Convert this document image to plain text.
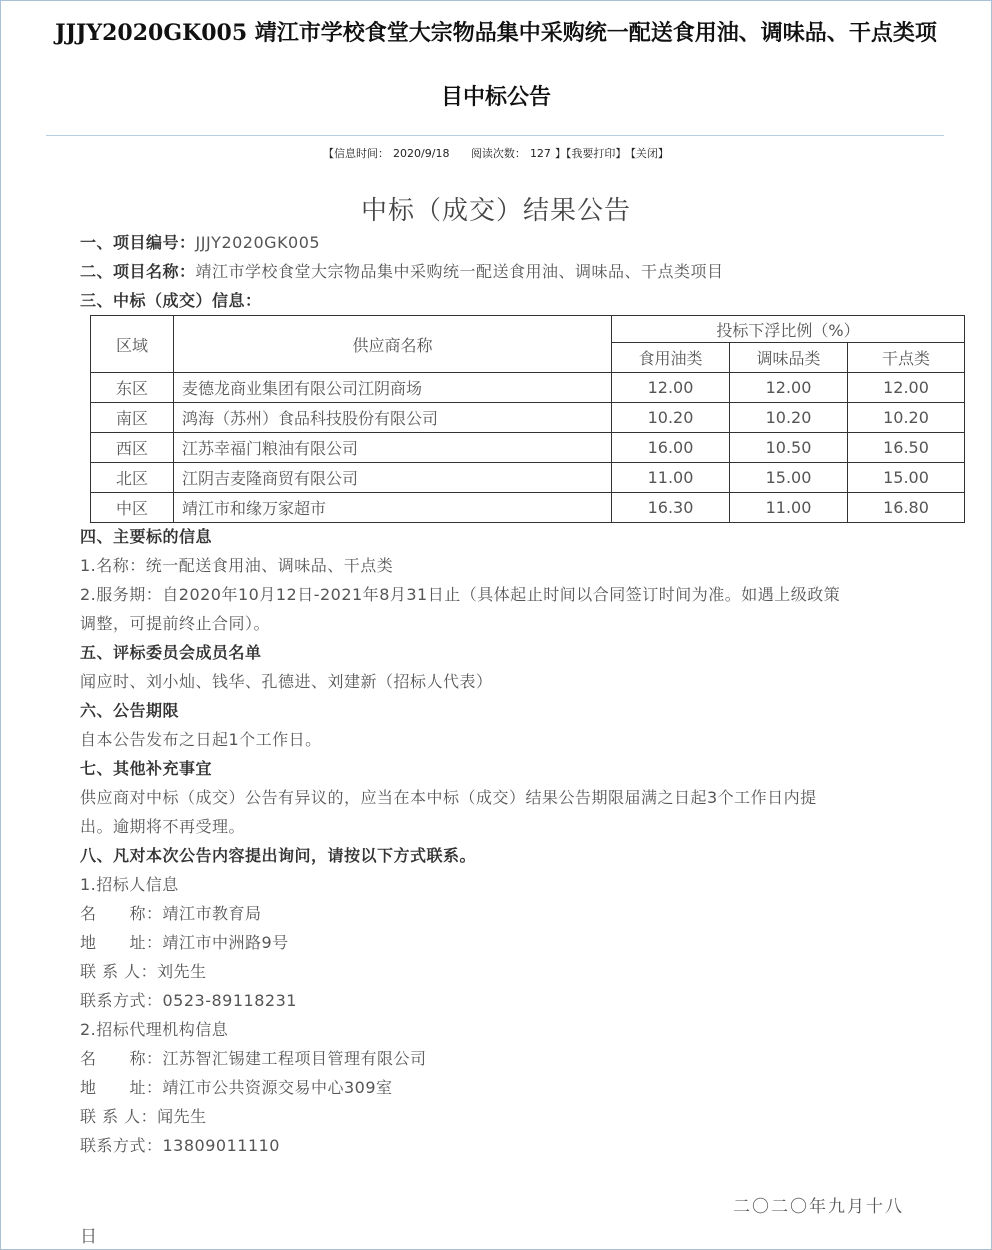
JJJY2020GK005 靖江市学校食堂大宗物品集中采购统一配送食用油、调味品、干点类项
目中标公告
【信息时间： 2020/9/18 阅读次数： 127 】【我要打印】 【关闭】
中标（成交）结果公告
一、项目编号：JJJY2020GK005
二、项目名称：靖江市学校食堂大宗物品集中采购统一配送食用油、调味品、干点类项目
三、中标（成交）信息：
区域	供应商名称	投标下浮比例（%）		
		食用油类	调味品类	干点类
东区	麦德龙商业集团有限公司江阴商场	12.00	12.00	12.00
南区	鸿海（苏州）食品科技股份有限公司	10.20	10.20	10.20
西区	江苏幸福门粮油有限公司	16.00	10.50	16.50
北区	江阴吉麦隆商贸有限公司	11.00	15.00	15.00
中区	靖江市和缘万家超市	16.30	11.00	16.80
四、主要标的信息
1.名称：统一配送食用油、调味品、干点类
2.服务期：自2020年10月12日-2021年8月31日止（具体起止时间以合同签订时间为准。如遇上级政策
调整，可提前终止合同）。
五、评标委员会成员名单
闻应时、刘小灿、钱华、孔德进、刘建新（招标人代表）
六、公告期限
自本公告发布之日起1个工作日。
七、其他补充事宜
供应商对中标（成交）公告有异议的，应当在本中标（成交）结果公告期限届满之日起3个工作日内提
出。逾期将不再受理。
八、凡对本次公告内容提出询问，请按以下方式联系。
1.招标人信息
名　　称：靖江市教育局
地　　址：靖江市中洲路9号
联 系 人：刘先生
联系方式：0523-89118231
2.招标代理机构信息
名　　称：江苏智汇锡建工程项目管理有限公司
地　　址：靖江市公共资源交易中心309室
联 系 人：闻先生
联系方式：13809011110
二〇二〇年九月十八
日
